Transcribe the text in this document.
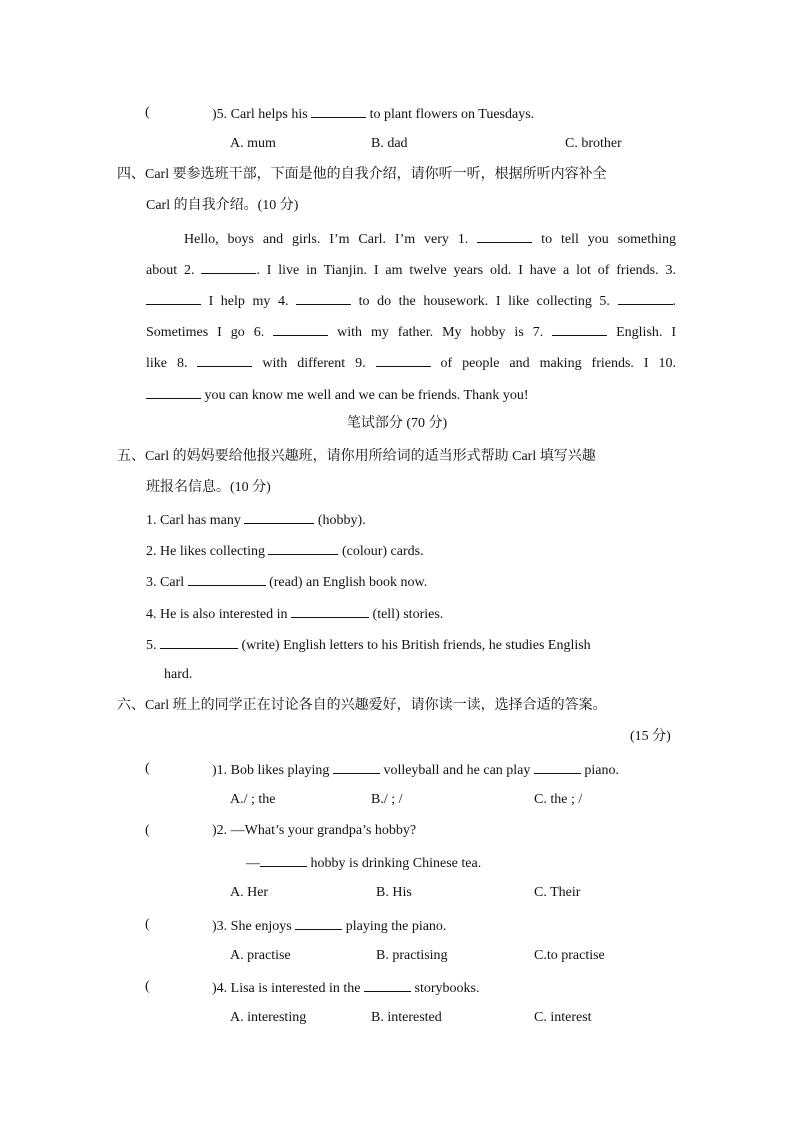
(	)5. Carl helps his	to plant flowers on Tuesdays.
A. mum	B. dad	C. brother
四、Carl 要参选班干部，下面是他的自我介绍，请你听一听，根据所听内容补全
Carl 的自我介绍。(10 分)
Hello, boys and girls. I’m Carl. I’m very 1.	to tell you something
about 2.	. I live in Tianjin. I am twelve years old. I have a lot of friends. 3.
I help my 4.	to do the housework. I like collecting 5.	.
Sometimes I go 6.	with my father. My hobby is 7.	English. I
like 8.	with different 9.	of people and making friends. I 10.
you can know me well and we can be friends. Thank you!
笔试部分 (70 分)
五、Carl 的妈妈要给他报兴趣班，请你用所给词的适当形式帮助 Carl 填写兴趣
班报名信息。(10 分)
1. Carl has many	(hobby).
2. He likes collecting	(colour) cards.
3. Carl	(read) an English book now.
4. He is also interested in	(tell) stories.
5.	(write) English letters to his British friends, he studies English
hard.
六、Carl 班上的同学正在讨论各自的兴趣爱好，请你读一读，选择合适的答案。
(15 分)
(	)1. Bob likes playing	volleyball and he can play	piano.
A./ ; the	B./ ; /	C. the ; /
(	)2. —What’s your grandpa’s hobby?
—	hobby is drinking Chinese tea.
A. Her	B. His	C. Their
(	)3. She enjoys	playing the piano.
A. practise	B. practising	C.to practise
(	)4. Lisa is interested in the	storybooks.
A. interesting	B. interested	C. interest
